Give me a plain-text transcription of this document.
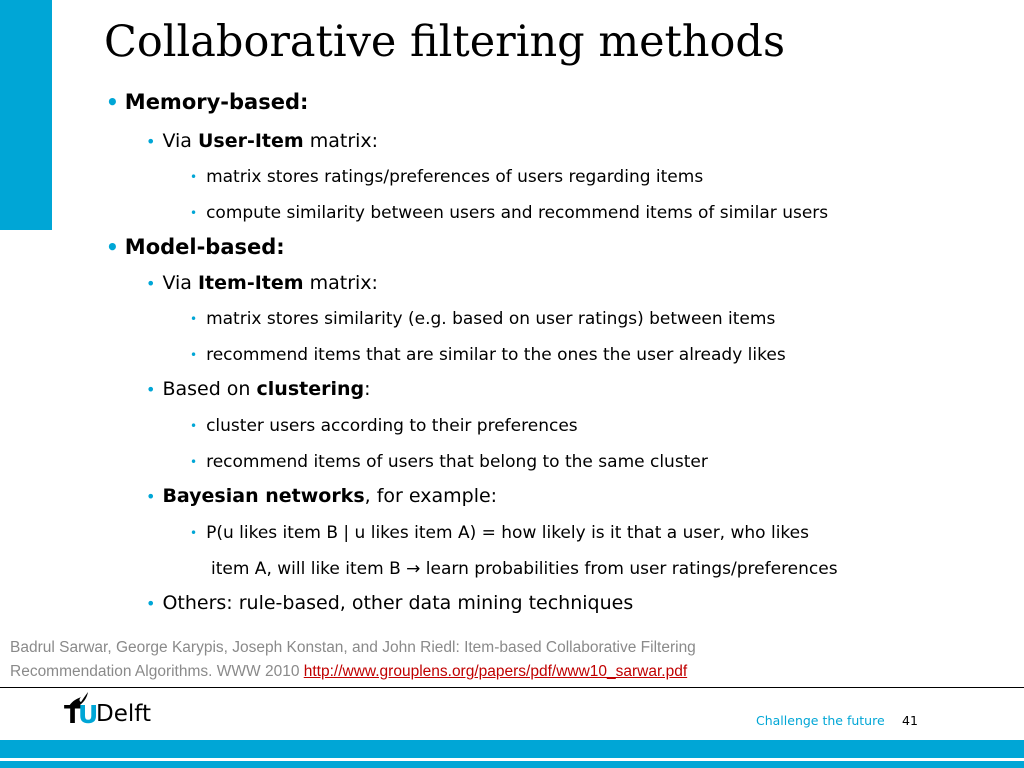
Collaborative filtering methods
• Memory-based:
• Via User-Item matrix:
• matrix stores ratings/preferences of users regarding items
• compute similarity between users and recommend items of similar users
• Model-based:
• Via Item-Item matrix:
• matrix stores similarity (e.g. based on user ratings) between items
• recommend items that are similar to the ones the user already likes
• Based on clustering:
• cluster users according to their preferences
• recommend items of users that belong to the same cluster
• Bayesian networks, for example:
• P(u likes item B | u likes item A) = how likely is it that a user, who likes
item A, will like item B → learn probabilities from user ratings/preferences
• Others: rule-based, other data mining techniques
Badrul Sarwar, George Karypis, Joseph Konstan, and John Riedl: Item-based Collaborative Filtering
Recommendation Algorithms. WWW 2010 http://www.grouplens.org/papers/pdf/www10_sarwar.pdf
T
U
Delft	Challenge the future 41
